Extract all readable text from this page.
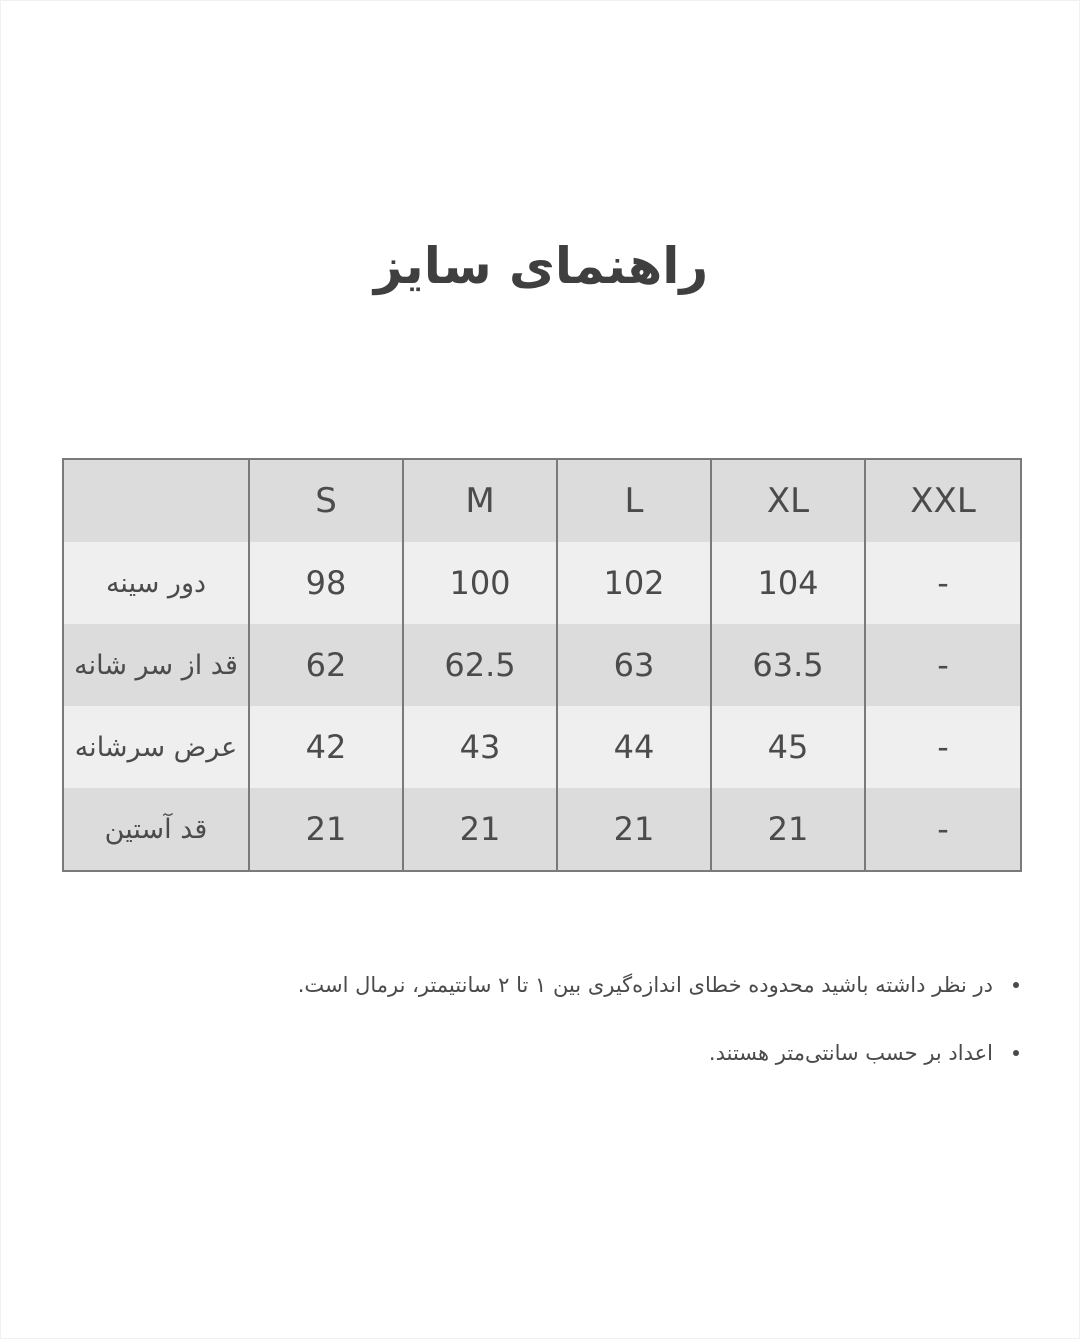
راهنمای سایز
	S	M	L	XL	XXL
دور سینه	98	100	102	104	-
قد از سر شانه	62	62.5	63	63.5	-
عرض سرشانه	42	43	44	45	-
قد آستین	21	21	21	21	-
در نظر داشته باشید محدوده خطای اندازه‌گیری بین ۱ تا ۲ سانتیمتر، نرمال است.
اعداد بر حسب سانتی‌متر هستند.
